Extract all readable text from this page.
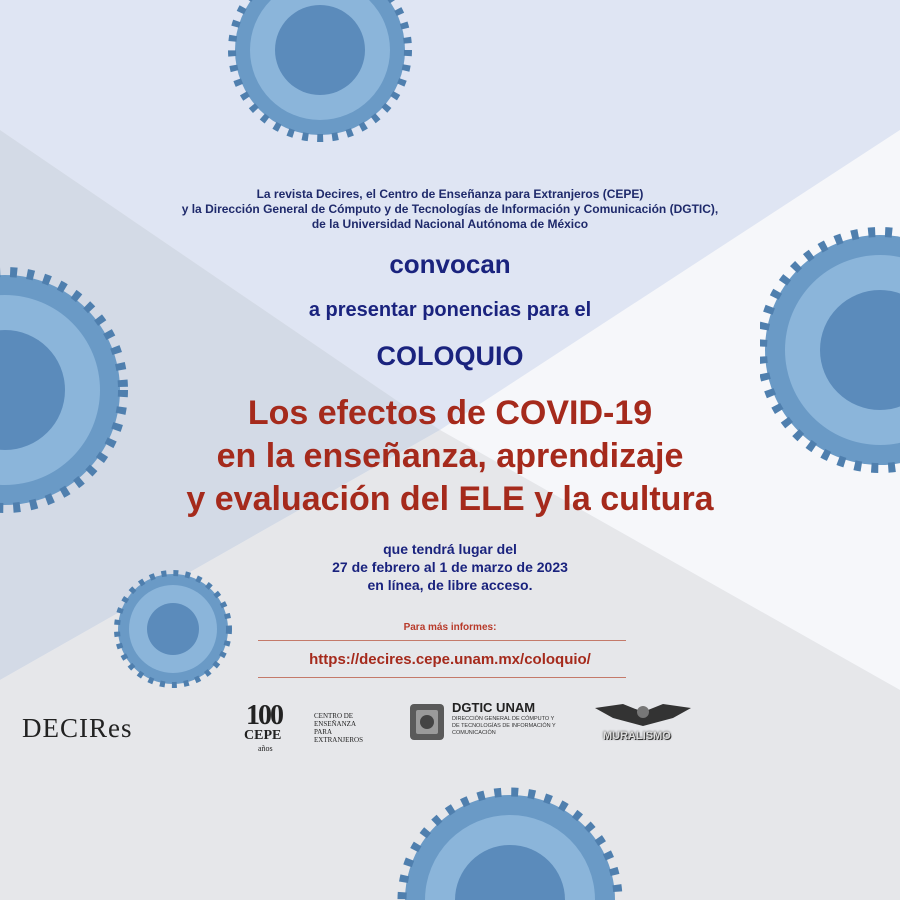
La revista Decires, el Centro de Enseñanza para Extranjeros (CEPE)
y la Dirección General de Cómputo y de Tecnologías de Información y Comunicación (DGTIC),
de la Universidad Nacional Autónoma de México
convocan
a presentar ponencias para el
COLOQUIO
Los efectos de COVID-19
en la enseñanza, aprendizaje
y evaluación del ELE y la cultura
que tendrá lugar del
27 de febrero al 1 de marzo de 2023
en línea, de libre acceso.
Para más informes:
https://decires.cepe.unam.mx/coloquio/
DECIRes	100
CEPE
años
CENTRO DE
ENSEÑANZA
PARA
EXTRANJEROS
DGTIC UNAM
DIRECCIÓN GENERAL DE CÓMPUTO Y
DE TECNOLOGÍAS DE INFORMACIÓN Y
COMUNICACIÓN	MURALISMO
